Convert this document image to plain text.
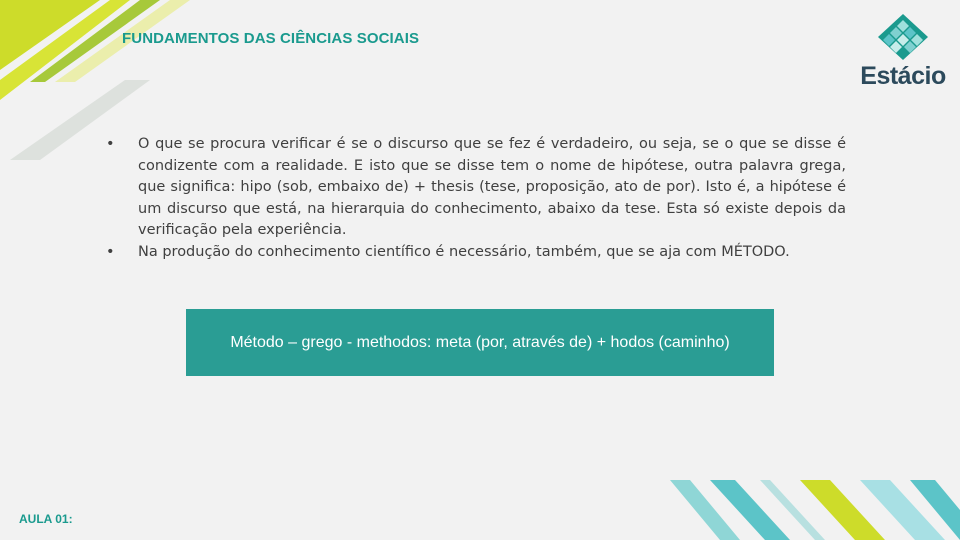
FUNDAMENTOS DAS CIÊNCIAS SOCIAIS
Estácio
• O que se procura verificar é se o discurso que se fez é verdadeiro, ou seja, se o que se disse é condizente com a realidade. E isto que se disse tem o nome de hipótese, outra palavra grega, que significa: hipo (sob, embaixo de) + thesis (tese, proposição, ato de por). Isto é, a hipótese é um discurso que está, na hierarquia do conhecimento, abaixo da tese. Esta só existe depois da verificação pela experiência.
• Na produção do conhecimento científico é necessário, também, que se aja com MÉTODO.
Método – grego - methodos: meta (por, através de) + hodos (caminho)
AULA 01:
